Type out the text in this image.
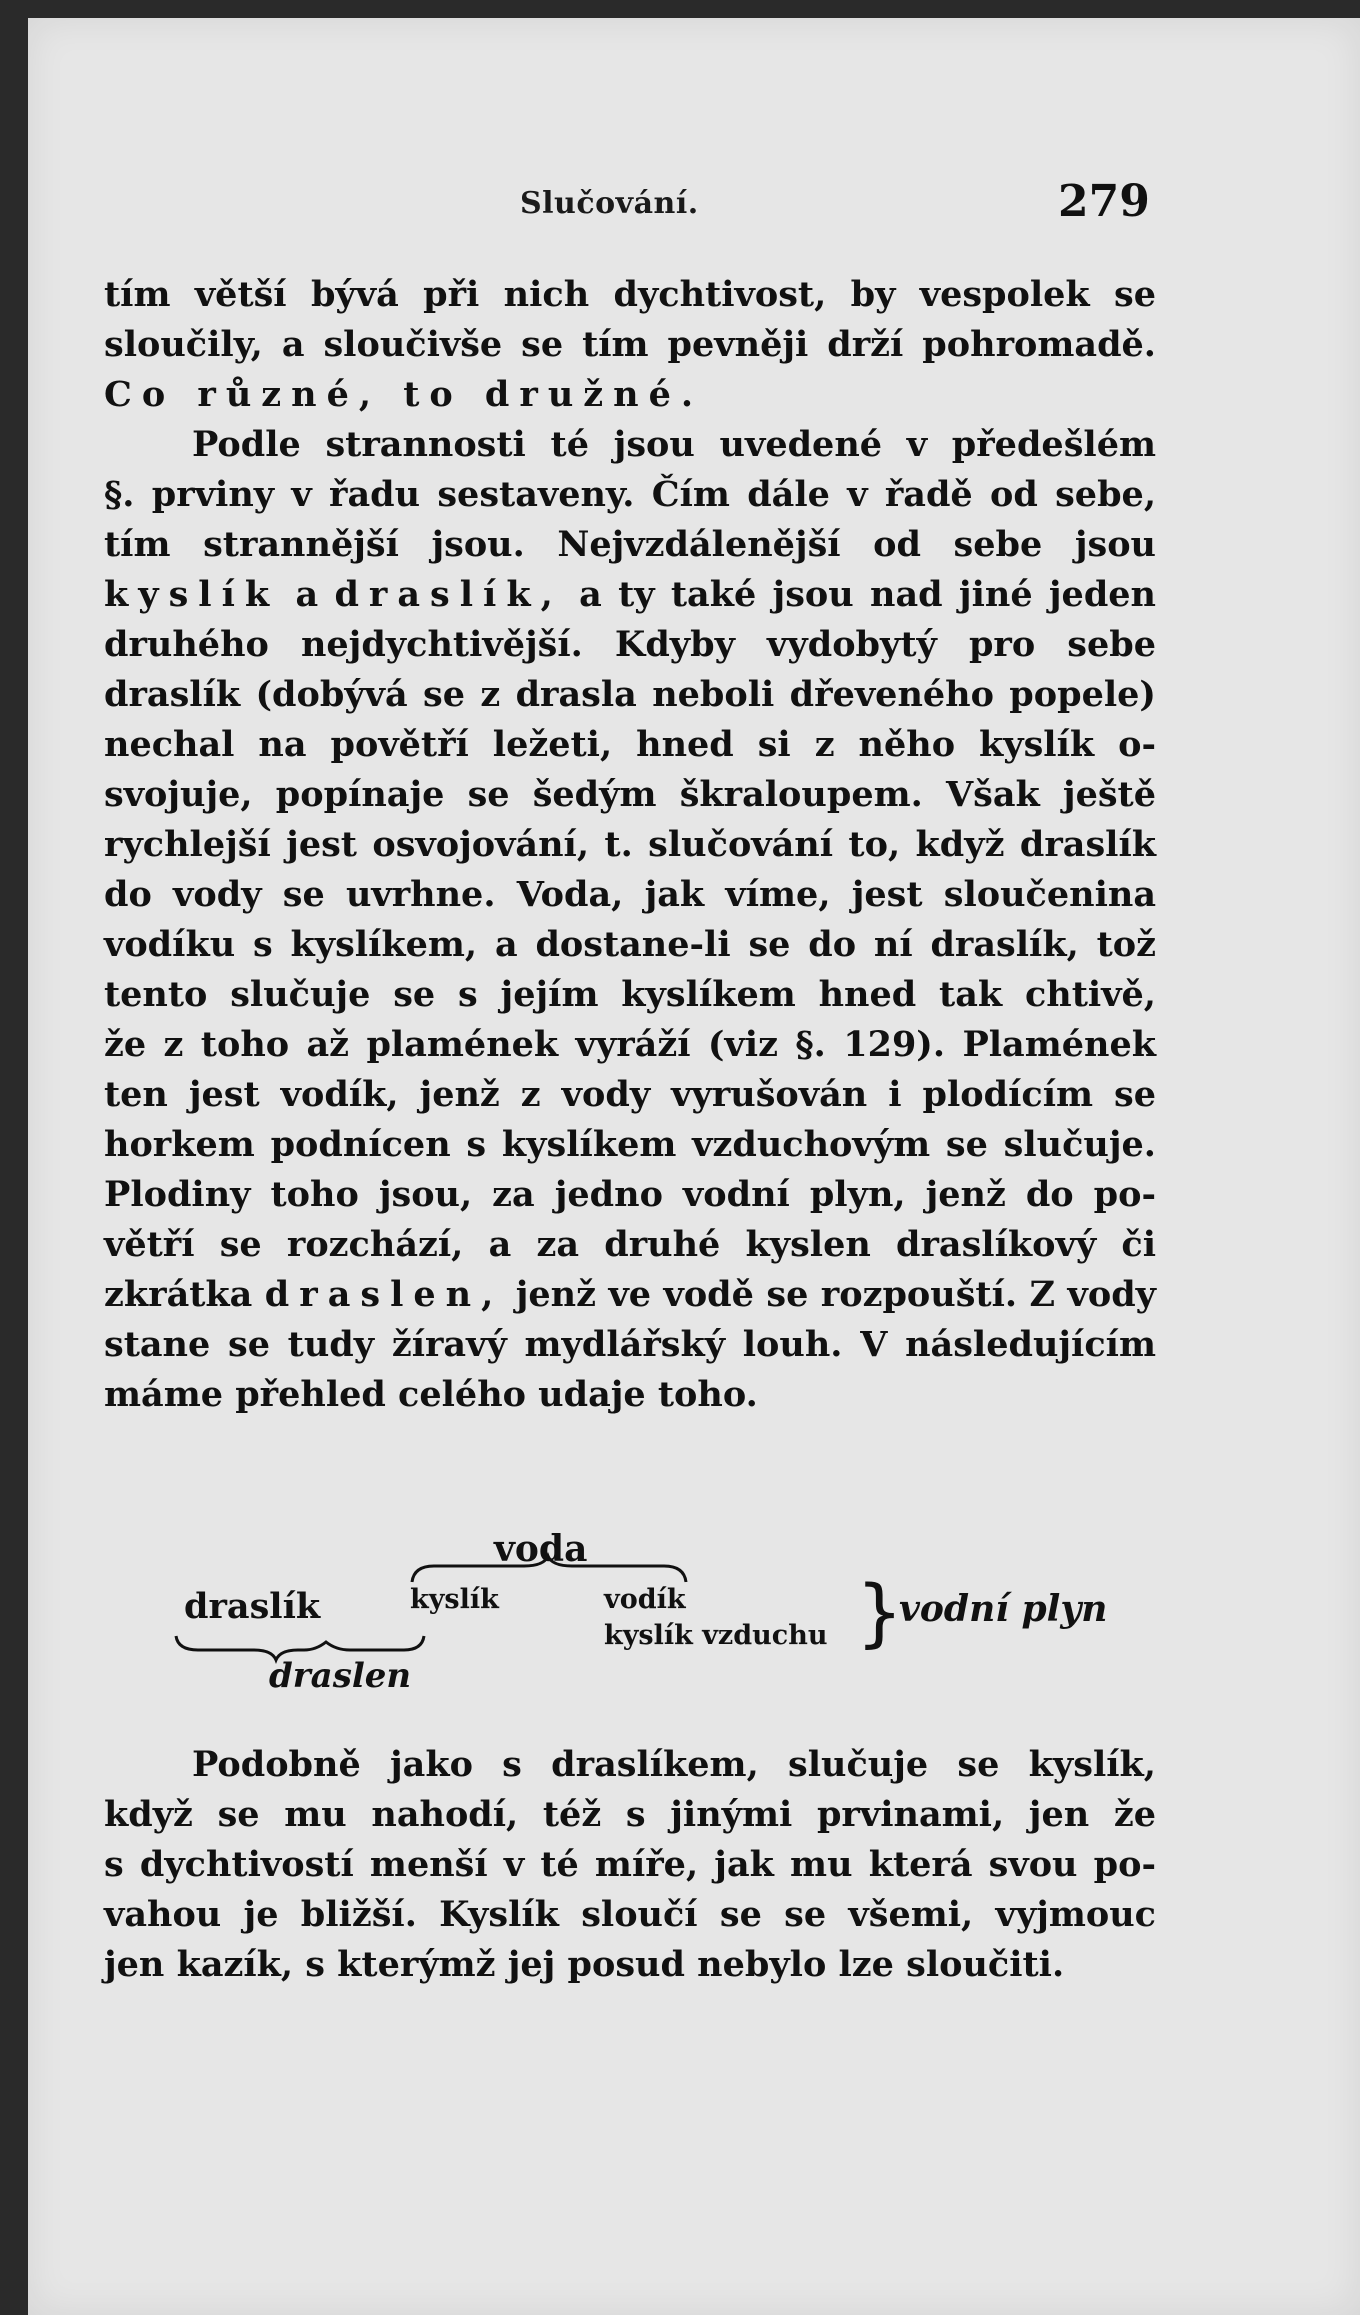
Slučování.	279
tím větší bývá při nich dychtivost, by vespolek se
sloučily, a sloučivše se tím pevněji drží pohromadě.
Co různé, to družné.
Podle strannosti té jsou uvedené v předešlém
§. prviny v řadu sestaveny. Čím dále v řadě od sebe,
tím strannější jsou. Nejvzdálenější od sebe jsou
kyslík a draslík, a ty také jsou nad jiné jeden
druhého nejdychtivější. Kdyby vydobytý pro sebe
draslík (dobývá se z drasla neboli dřeveného popele)
nechal na povětří ležeti, hned si z něho kyslík o-
svojuje, popínaje se šedým škraloupem. Však ještě
rychlejší jest osvojování, t. slučování to, když draslík
do vody se uvrhne. Voda, jak víme, jest sloučenina
vodíku s kyslíkem, a dostane-li se do ní draslík, tož
tento slučuje se s jejím kyslíkem hned tak chtivě,
že z toho až plamének vyráží (viz §. 129). Plamének
ten jest vodík, jenž z vody vyrušován i plodícím se
horkem podnícen s kyslíkem vzduchovým se slučuje.
Plodiny toho jsou, za jedno vodní plyn, jenž do po-
větří se rozchází, a za druhé kyslen draslíkový či
zkrátka draslen, jenž ve vodě se rozpouští. Z vody
stane se tudy žíravý mydlářský louh. V následujícím
máme přehled celého udaje toho.
voda
draslík	kyslík	vodík
kyslík vzduchu }
vodní plyn
draslen
Podobně jako s draslíkem, slučuje se kyslík,
když se mu nahodí, též s jinými prvinami, jen že
s dychtivostí menší v té míře, jak mu která svou po-
vahou je bližší. Kyslík sloučí se se všemi, vyjmouc
jen kazík, s kterýmž jej posud nebylo lze sloučiti.
